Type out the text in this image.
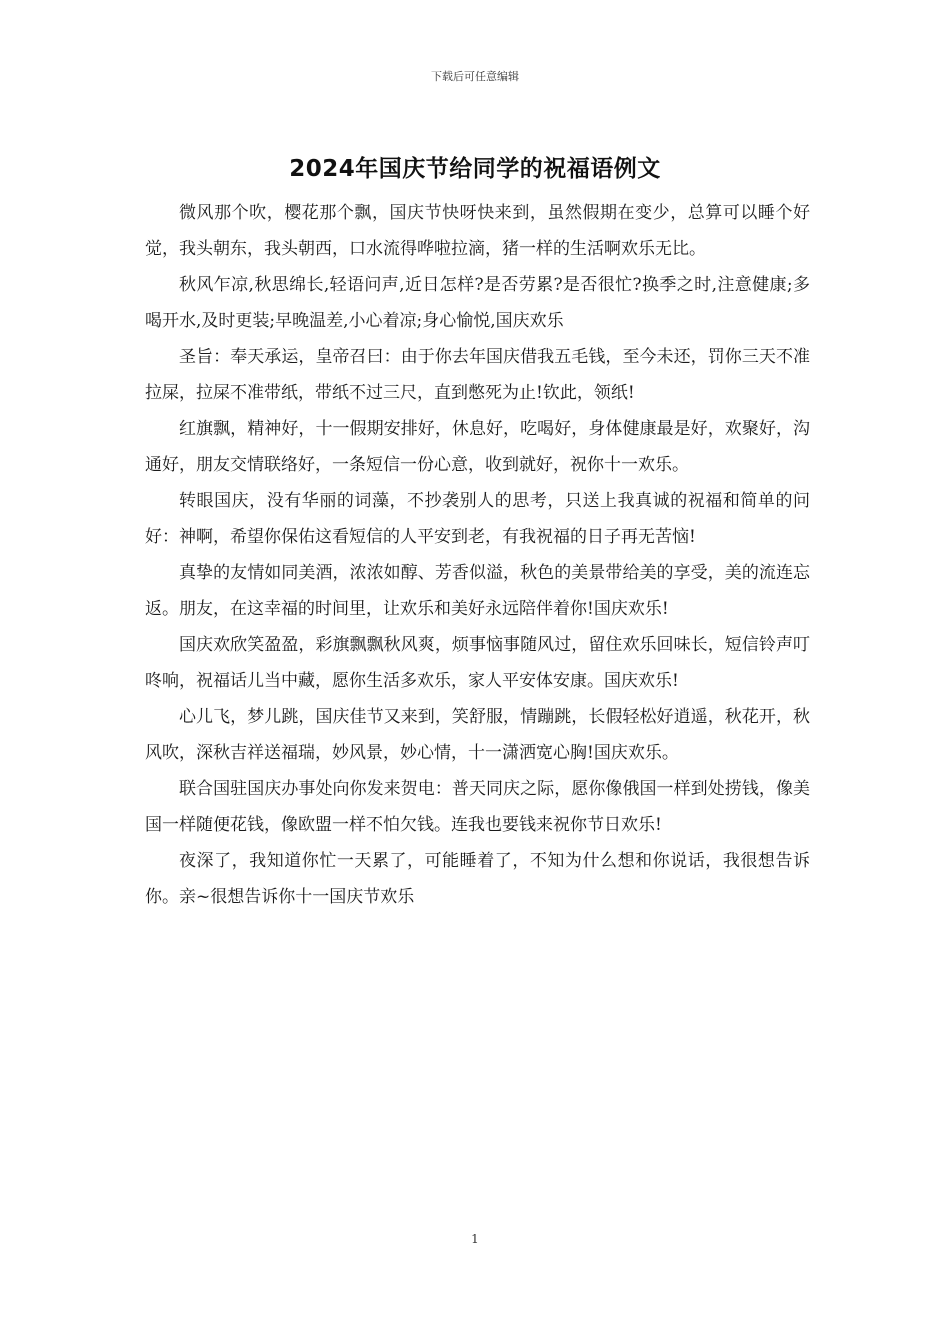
下载后可任意编辑
2024年国庆节给同学的祝福语例文

微风那个吹，樱花那个飘，国庆节快呀快来到，虽然假期在变少，总算可以睡个好觉，我头朝东，我头朝西，口水流得哗啦拉滴，猪一样的生活啊欢乐无比。

秋风乍凉,秋思绵长,轻语问声,近日怎样?是否劳累?是否很忙?换季之时,注意健康;多喝开水,及时更装;早晚温差,小心着凉;身心愉悦,国庆欢乐

圣旨：奉天承运，皇帝召曰：由于你去年国庆借我五毛钱，至今未还，罚你三天不准拉屎，拉屎不准带纸，带纸不过三尺，直到憋死为止!钦此，领纸!

红旗飘，精神好，十一假期安排好，休息好，吃喝好，身体健康最是好，欢聚好，沟通好，朋友交情联络好，一条短信一份心意，收到就好，祝你十一欢乐。

转眼国庆，没有华丽的词藻，不抄袭别人的思考，只送上我真诚的祝福和简单的问好：神啊，希望你保佑这看短信的人平安到老，有我祝福的日子再无苦恼!

真挚的友情如同美酒，浓浓如醇、芳香似溢，秋色的美景带给美的享受，美的流连忘返。朋友，在这幸福的时间里，让欢乐和美好永远陪伴着你!国庆欢乐!

国庆欢欣笑盈盈，彩旗飘飘秋风爽，烦事恼事随风过，留住欢乐回味长，短信铃声叮咚响，祝福话儿当中藏，愿你生活多欢乐，家人平安体安康。国庆欢乐!

心儿飞，梦儿跳，国庆佳节又来到，笑舒服，情蹦跳，长假轻松好逍遥，秋花开，秋风吹，深秋吉祥送福瑞，妙风景，妙心情，十一潇洒宽心胸!国庆欢乐。

联合国驻国庆办事处向你发来贺电：普天同庆之际，愿你像俄国一样到处捞钱，像美国一样随便花钱，像欧盟一样不怕欠钱。连我也要钱来祝你节日欢乐!

夜深了，我知道你忙一天累了，可能睡着了，不知为什么想和你说话，我很想告诉你。亲~很想告诉你十一国庆节欢乐

1
